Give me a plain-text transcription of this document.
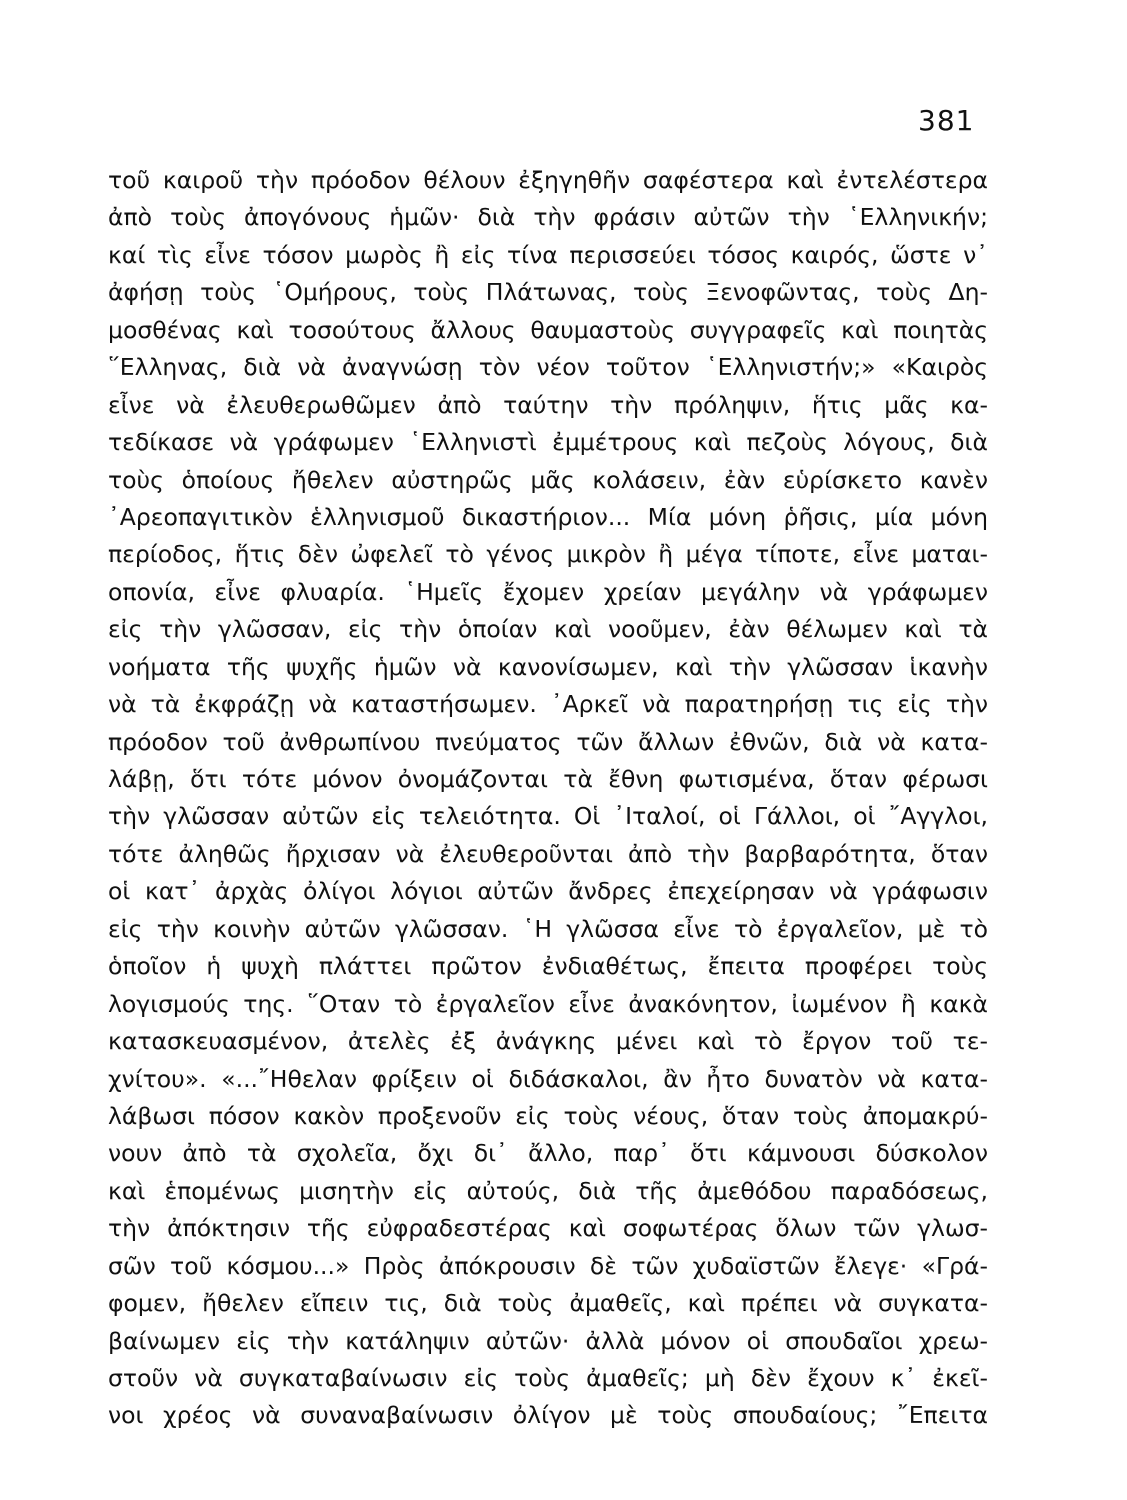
381
τοῦ καιροῦ τὴν πρόοδον θέλουν ἐξηγηθῆν σαφέστερα καὶ ἐντελέστερα
ἀπὸ τοὺς ἀπογόνους ἡμῶν· διὰ τὴν φράσιν αὐτῶν τὴν ῾Ελληνικήν;
καί τὶς εἶνε τόσον μωρὸς ἢ εἰς τίνα περισσεύει τόσος καιρός, ὥστε ν᾽
ἀφήσῃ τοὺς ῾Ομήρους, τοὺς Πλάτωνας, τοὺς Ξενοφῶντας, τοὺς Δη-
μοσθένας καὶ τοσούτους ἄλλους θαυμαστοὺς συγγραφεῖς καὶ ποιητὰς
῞Ελληνας, διὰ νὰ ἀναγνώσῃ τὸν νέον τοῦτον ῾Ελληνιστήν;» «Καιρὸς
εἶνε νὰ ἐλευθερωθῶμεν ἀπὸ ταύτην τὴν πρόληψιν, ἥτις μᾶς κα-
τεδίκασε νὰ γράφωμεν ῾Ελληνιστὶ ἐμμέτρους καὶ πεζοὺς λόγους, διὰ
τοὺς ὁποίους ἤθελεν αὐστηρῶς μᾶς κολάσειν, ἐὰν εὑρίσκετο κανὲν
᾿Αρεοπαγιτικὸν ἑλληνισμοῦ δικαστήριον... Μία μόνη ῥῆσις, μία μόνη
περίοδος, ἥτις δὲν ὠφελεῖ τὸ γένος μικρὸν ἢ μέγα τίποτε, εἶνε μαται-
οπονία, εἶνε φλυαρία. ῾Ημεῖς ἔχομεν χρείαν μεγάλην νὰ γράφωμεν
εἰς τὴν γλῶσσαν, εἰς τὴν ὁποίαν καὶ νοοῦμεν, ἐὰν θέλωμεν καὶ τὰ
νοήματα τῆς ψυχῆς ἡμῶν νὰ κανονίσωμεν, καὶ τὴν γλῶσσαν ἱκανὴν
νὰ τὰ ἐκφράζῃ νὰ καταστήσωμεν. ᾿Αρκεῖ νὰ παρατηρήσῃ τις εἰς τὴν
πρόοδον τοῦ ἀνθρωπίνου πνεύματος τῶν ἄλλων ἐθνῶν, διὰ νὰ κατα-
λάβῃ, ὅτι τότε μόνον ὀνομάζονται τὰ ἔθνη φωτισμένα, ὅταν φέρωσι
τὴν γλῶσσαν αὐτῶν εἰς τελειότητα. Οἱ ᾿Ιταλοί, οἱ Γάλλοι, οἱ ῎Αγγλοι,
τότε ἀληθῶς ἤρχισαν νὰ ἐλευθεροῦνται ἀπὸ τὴν βαρβαρότητα, ὅταν
οἱ κατ᾽ ἀρχὰς ὀλίγοι λόγιοι αὐτῶν ἄνδρες ἐπεχείρησαν νὰ γράφωσιν
εἰς τὴν κοινὴν αὐτῶν γλῶσσαν. ῾Η γλῶσσα εἶνε τὸ ἐργαλεῖον, μὲ τὸ
ὁποῖον ἡ ψυχὴ πλάττει πρῶτον ἐνδιαθέτως, ἔπειτα προφέρει τοὺς
λογισμούς της. ῞Οταν τὸ ἐργαλεῖον εἶνε ἀνακόνητον, ἰωμένον ἢ κακὰ
κατασκευασμένον, ἀτελὲς ἐξ ἀνάγκης μένει καὶ τὸ ἔργον τοῦ τε-
χνίτου». «...῎Ηθελαν φρίξειν οἱ διδάσκαλοι, ἂν ἦτο δυνατὸν νὰ κατα-
λάβωσι πόσον κακὸν προξενοῦν εἰς τοὺς νέους, ὅταν τοὺς ἀπομακρύ-
νουν ἀπὸ τὰ σχολεῖα, ὄχι δι᾽ ἄλλο, παρ᾽ ὅτι κάμνουσι δύσκολον
καὶ ἑπομένως μισητὴν εἰς αὐτούς, διὰ τῆς ἀμεθόδου παραδόσεως,
τὴν ἀπόκτησιν τῆς εὐφραδεστέρας καὶ σοφωτέρας ὅλων τῶν γλωσ-
σῶν τοῦ κόσμου...» Πρὸς ἀπόκρουσιν δὲ τῶν χυδαϊστῶν ἔλεγε· «Γρά-
φομεν, ἤθελεν εἴπειν τις, διὰ τοὺς ἀμαθεῖς, καὶ πρέπει νὰ συγκατα-
βαίνωμεν εἰς τὴν κατάληψιν αὐτῶν· ἀλλὰ μόνον οἱ σπουδαῖοι χρεω-
στοῦν νὰ συγκαταβαίνωσιν εἰς τοὺς ἀμαθεῖς; μὴ δὲν ἔχουν κ᾽ ἐκεῖ-
νοι χρέος νὰ συναναβαίνωσιν ὀλίγον μὲ τοὺς σπουδαίους; ῎Επειτα
